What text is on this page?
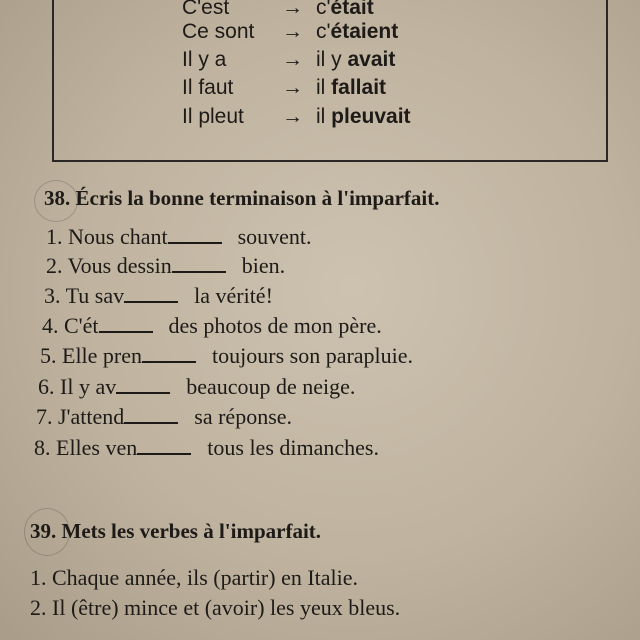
C'est	→ c'était
Ce sont → c'étaient
Il y a	→ il y avait
Il faut → il fallait
Il pleut → il pleuvait
38. Écris la bonne terminaison à l'imparfait.
1. Nous chant	souvent.
2. Vous dessin	bien.
3. Tu sav	la vérité!
4. C'ét	des photos de mon père.
5. Elle pren	toujours son parapluie.
6. Il y av	beaucoup de neige.
7. J'attend	sa réponse.
8. Elles ven	tous les dimanches.
39. Mets les verbes à l'imparfait.
1. Chaque année, ils (partir) en Italie.
2. Il (être) mince et (avoir) les yeux bleus.
